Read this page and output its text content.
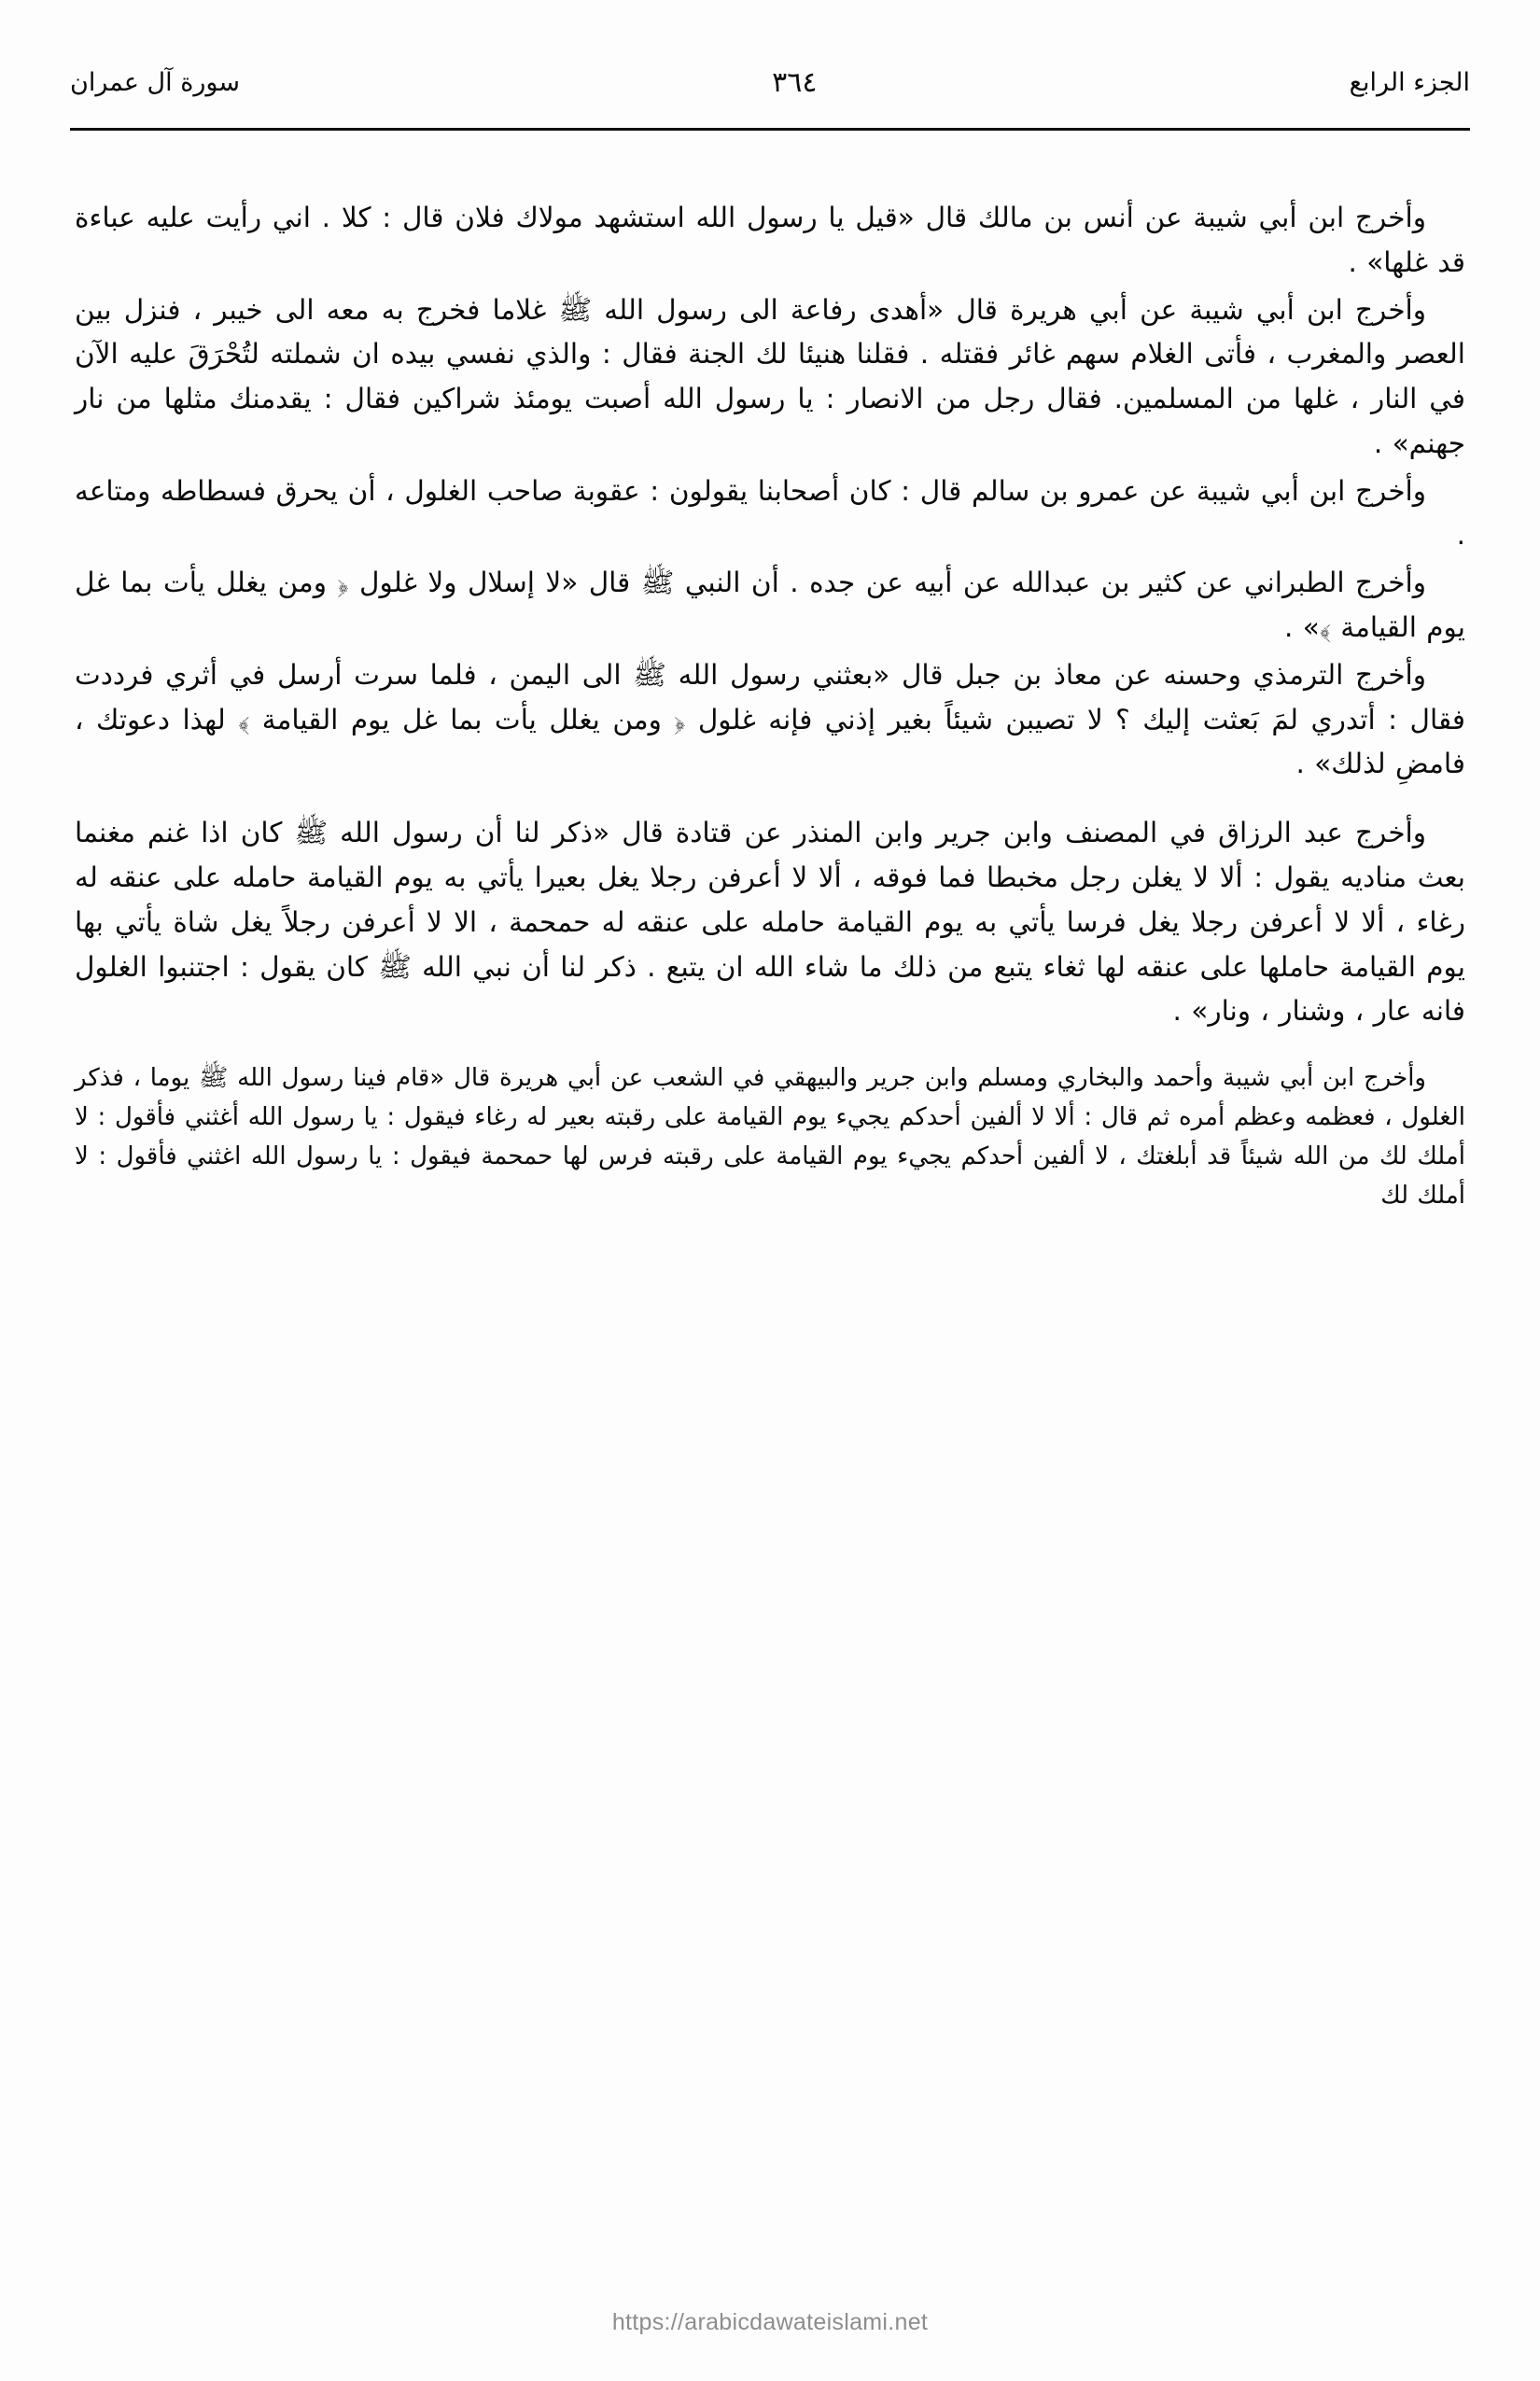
الجزء الرابع
٣٦٤
سورة آل عمران

وأخرج ابن أبي شيبة عن أنس بن مالك قال «قيل يا رسول الله استشهد مولاك فلان قال : كلا . اني رأيت عليه عباءة قد غلها» .

وأخرج ابن أبي شيبة عن أبي هريرة قال «أهدى رفاعة الى رسول الله ﷺ غلاما فخرج به معه الى خيبر ، فنزل بين العصر والمغرب ، فأتى الغلام سهم غائر فقتله . فقلنا هنيئا لك الجنة فقال : والذي نفسي بيده ان شملته لتُحْرَقَ عليه الآن في النار ، غلها من المسلمين. فقال رجل من الانصار : يا رسول الله أصبت يومئذ شراكين فقال : يقدمنك مثلها من نار جهنم» .

وأخرج ابن أبي شيبة عن عمرو بن سالم قال : كان أصحابنا يقولون : عقوبة صاحب الغلول ، أن يحرق فسطاطه ومتاعه .

وأخرج الطبراني عن كثير بن عبدالله عن أبيه عن جده . أن النبي ﷺ قال «لا إسلال ولا غلول ﴿ ومن يغلل يأت بما غل يوم القيامة ﴾» .

وأخرج الترمذي وحسنه عن معاذ بن جبل قال «بعثني رسول الله ﷺ الى اليمن ، فلما سرت أرسل في أثري فرددت فقال : أتدري لمَ بَعثت إليك ؟ لا تصيبن شيئاً بغير إذني فإنه غلول ﴿ ومن يغلل يأت بما غل يوم القيامة ﴾ لهذا دعوتك ، فامضِ لذلك» .

وأخرج عبد الرزاق في المصنف وابن جرير وابن المنذر عن قتادة قال «ذكر لنا أن رسول الله ﷺ كان اذا غنم مغنما بعث مناديه يقول : ألا لا يغلن رجل مخبطا فما فوقه ، ألا لا أعرفن رجلا يغل بعيرا يأتي به يوم القيامة حامله على عنقه له رغاء ، ألا لا أعرفن رجلا يغل فرسا يأتي به يوم القيامة حامله على عنقه له حمحمة ، الا لا أعرفن رجلاً يغل شاة يأتي بها يوم القيامة حاملها على عنقه لها ثغاء يتبع من ذلك ما شاء الله ان يتبع . ذكر لنا أن نبي الله ﷺ كان يقول : اجتنبوا الغلول فانه عار ، وشنار ، ونار» .

وأخرج ابن أبي شيبة وأحمد والبخاري ومسلم وابن جرير والبيهقي في الشعب عن أبي هريرة قال «قام فينا رسول الله ﷺ يوما ، فذكر الغلول ، فعظمه وعظم أمره ثم قال : ألا لا ألفين أحدكم يجيء يوم القيامة على رقبته بعير له رغاء فيقول : يا رسول الله أغثني فأقول : لا أملك لك من الله شيئاً قد أبلغتك ، لا ألفين أحدكم يجيء يوم القيامة على رقبته فرس لها حمحمة فيقول : يا رسول الله اغثني فأقول : لا أملك لك

https://arabicdawateislami.net
